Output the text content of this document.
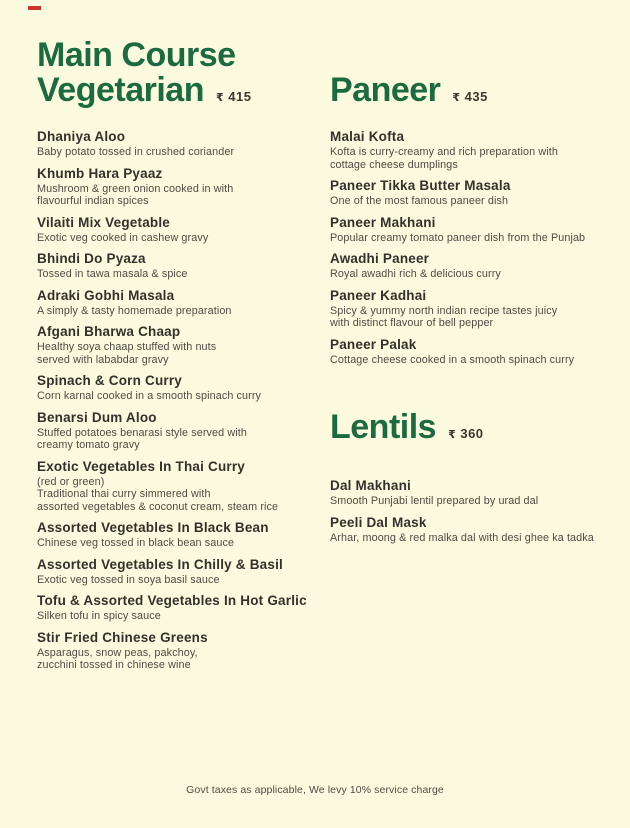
Main Course
Vegetarian ₹ 415
Dhaniya Aloo
Baby potato tossed in crushed coriander
Khumb Hara Pyaaz
Mushroom & green onion cooked in with
flavourful indian spices
Vilaiti Mix Vegetable
Exotic veg cooked in cashew gravy
Bhindi Do Pyaza
Tossed in tawa masala & spice
Adraki Gobhi Masala
A simply & tasty homemade preparation
Afgani Bharwa Chaap
Healthy soya chaap stuffed with nuts
served with lababdar gravy
Spinach & Corn Curry
Corn karnal cooked in a smooth spinach curry
Benarsi Dum Aloo
Stuffed potatoes benarasi style served with
creamy tomato gravy
Exotic Vegetables In Thai Curry
(red or green)
Traditional thai curry simmered with
assorted vegetables & coconut cream, steam rice
Assorted Vegetables In Black Bean
Chinese veg tossed in black bean sauce
Assorted Vegetables In Chilly & Basil
Exotic veg tossed in soya basil sauce
Tofu & Assorted Vegetables In Hot Garlic
Silken tofu in spicy sauce
Stir Fried Chinese Greens
Asparagus, snow peas, pakchoy,
zucchini tossed in chinese wine
Paneer ₹ 435
Malai Kofta
Kofta is curry-creamy and rich preparation with
cottage cheese dumplings
Paneer Tikka Butter Masala
One of the most famous paneer dish
Paneer Makhani
Popular creamy tomato paneer dish from the Punjab
Awadhi Paneer
Royal awadhi rich & delicious curry
Paneer Kadhai
Spicy & yummy north indian recipe tastes juicy
with distinct flavour of bell pepper
Paneer Palak
Cottage cheese cooked in a smooth spinach curry
Lentils ₹ 360
Dal Makhani
Smooth Punjabi lentil prepared by urad dal
Peeli Dal Mask
Arhar, moong & red malka dal with desi ghee ka tadka
Govt taxes as applicable, We levy 10% service charge
